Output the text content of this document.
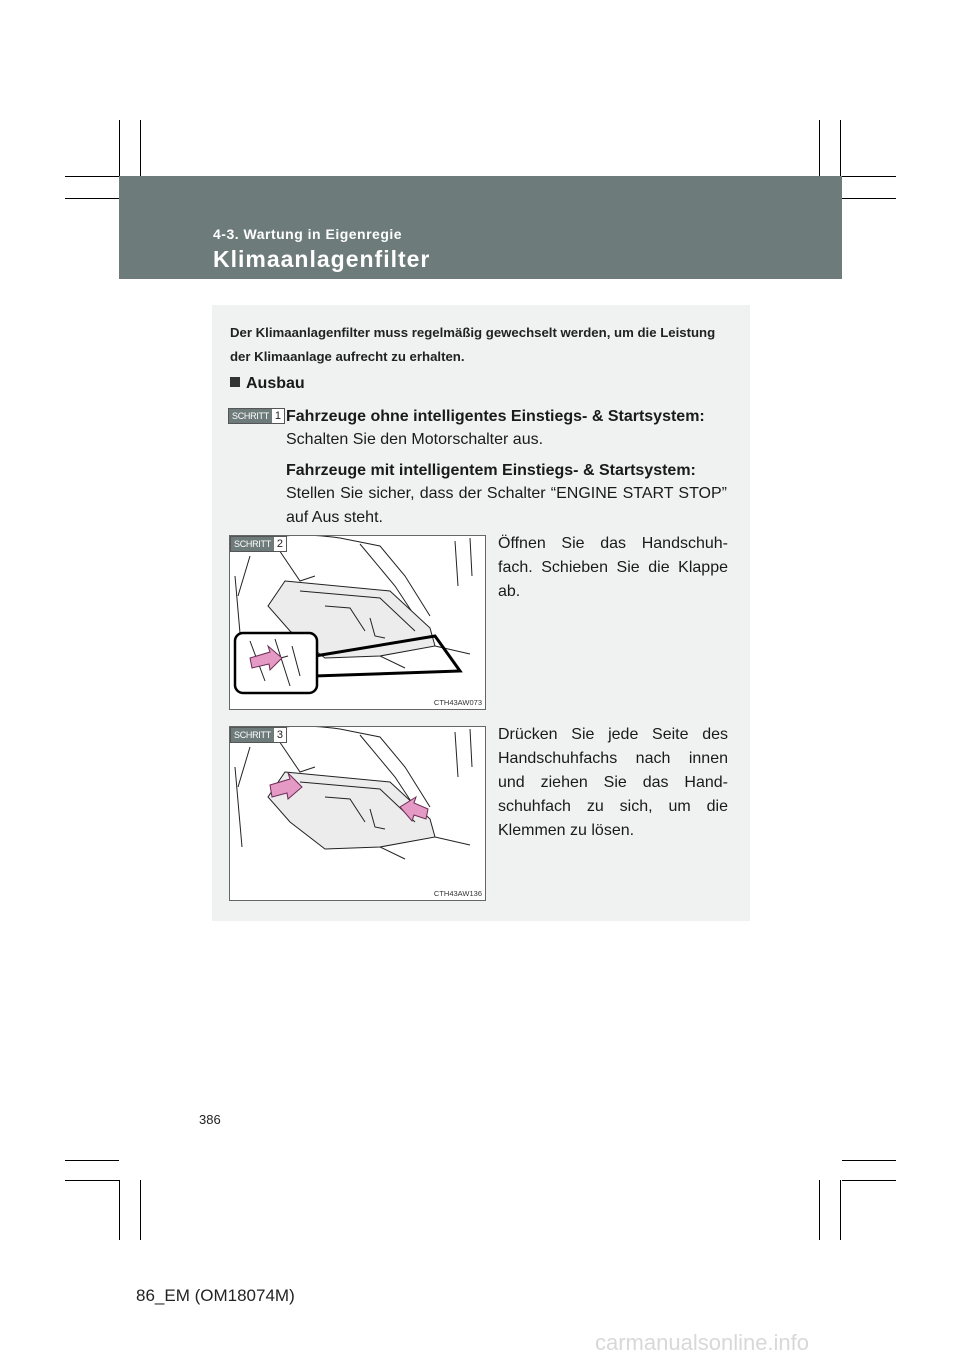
4-3. Wartung in Eigenregie
Klimaanlagenfilter
Der Klimaanlagenfilter muss regelmäßig gewechselt werden, um die Leistung der Klimaanlage aufrecht zu erhalten.
Ausbau
SCHRITT 1 Fahrzeuge ohne intelligentes Einstiegs- & Startsystem:
Schalten Sie den Motorschalter aus.
Fahrzeuge mit intelligentem Einstiegs- & Startsystem:
Stellen Sie sicher, dass der Schalter “ENGINE START STOP” auf Aus steht.
SCHRITT 2
CTH43AW073
Öffnen Sie das Handschuh-fach. Schieben Sie die Klappe ab.
SCHRITT 3
CTH43AW136
Drücken Sie jede Seite des Handschuhfachs nach innen und ziehen Sie das Hand-schuhfach zu sich, um die Klemmen zu lösen.
386
86_EM (OM18074M)
carmanualsonline.info
